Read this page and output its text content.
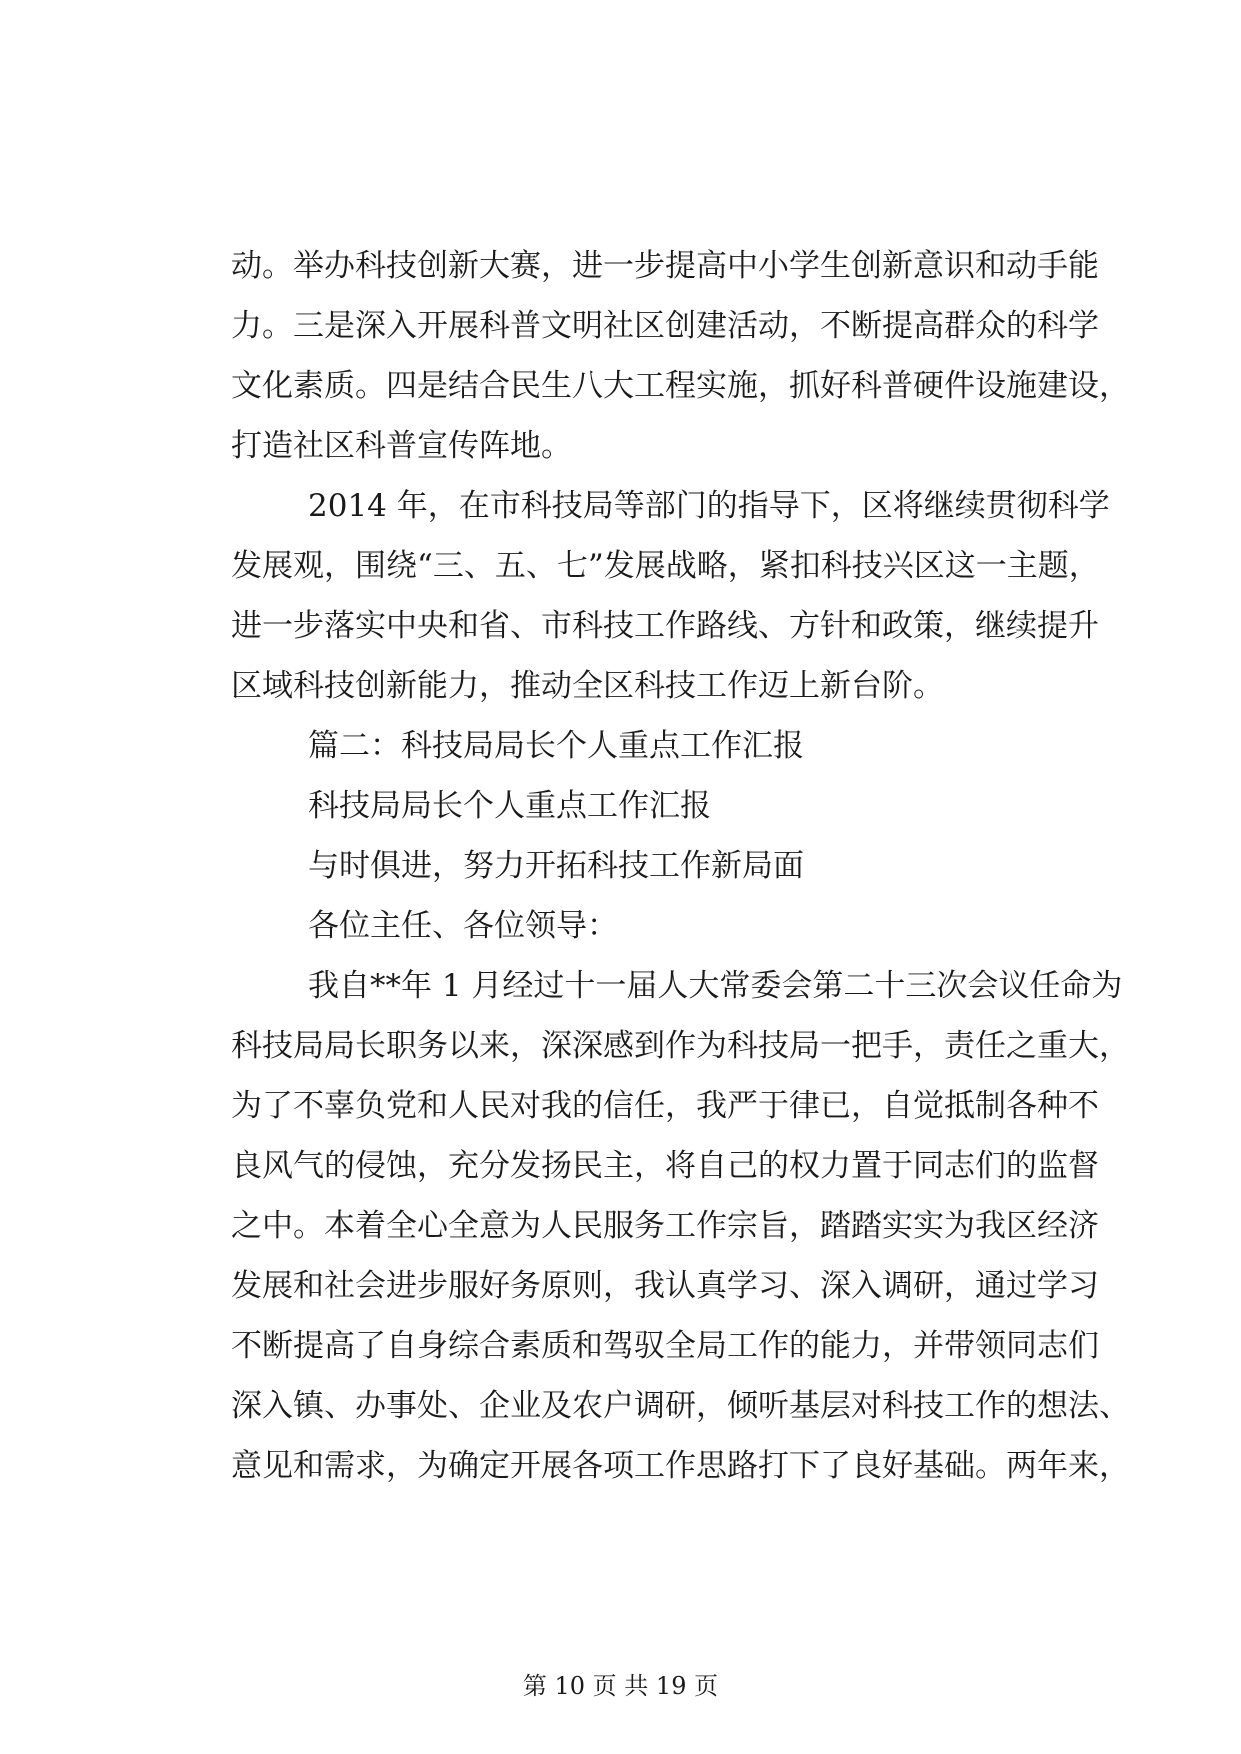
动。举办科技创新大赛，进一步提高中小学生创新意识和动手能
力。三是深入开展科普文明社区创建活动，不断提高群众的科学
文化素质。四是结合民生八大工程实施，抓好科普硬件设施建设，
打造社区科普宣传阵地。
2014 年，在市科技局等部门的指导下，区将继续贯彻科学
发展观，围绕“三、五、七”发展战略，紧扣科技兴区这一主题，
进一步落实中央和省、市科技工作路线、方针和政策，继续提升
区域科技创新能力，推动全区科技工作迈上新台阶。
篇二：科技局局长个人重点工作汇报
科技局局长个人重点工作汇报
与时俱进，努力开拓科技工作新局面
各位主任、各位领导：
我自**年 1 月经过十一届人大常委会第二十三次会议任命为
科技局局长职务以来，深深感到作为科技局一把手，责任之重大，
为了不辜负党和人民对我的信任，我严于律已，自觉抵制各种不
良风气的侵蚀，充分发扬民主，将自己的权力置于同志们的监督
之中。本着全心全意为人民服务工作宗旨，踏踏实实为我区经济
发展和社会进步服好务原则，我认真学习、深入调研，通过学习
不断提高了自身综合素质和驾驭全局工作的能力，并带领同志们
深入镇、办事处、企业及农户调研，倾听基层对科技工作的想法、
意见和需求，为确定开展各项工作思路打下了良好基础。两年来，
第 10 页 共 19 页
